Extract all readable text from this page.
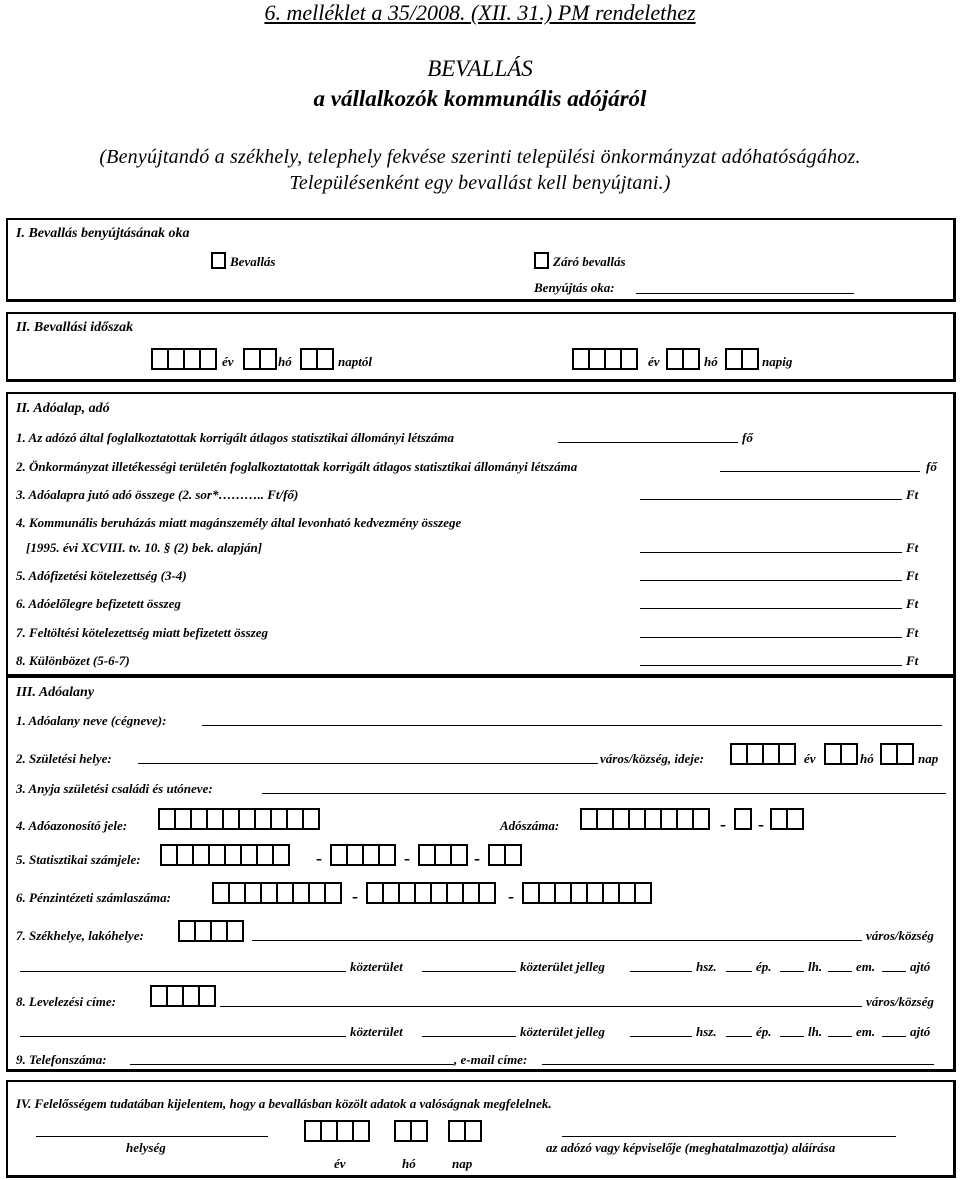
6. melléklet a 35/2008. (XII. 31.) PM rendelethez
BEVALLÁS
a vállalkozók kommunális adójáról
(Benyújtandó a székhely, telephely fekvése szerinti települési önkormányzat adóhatóságához.
Településenként egy bevallást kell benyújtani.)
I. Bevallás benyújtásának oka
Bevallás	Záró bevallás
Benyújtás oka:
II. Bevallási időszak
év	hó	naptól	év	hó	napig
II. Adóalap, adó
1. Az adózó által foglalkoztatottak korrigált átlagos statisztikai állományi létszáma	fő
2. Önkormányzat illetékességi területén foglalkoztatottak korrigált átlagos statisztikai állományi létszáma	fő
3. Adóalapra jutó adó összege (2. sor*……….. Ft/fő)	Ft
4. Kommunális beruházás miatt magánszemély által levonható kedvezmény összege
[1995. évi XCVIII. tv. 10. § (2) bek. alapján]	Ft
5. Adófizetési kötelezettség (3-4)	Ft
6. Adóelőlegre befizetett összeg	Ft
7. Feltöltési kötelezettség miatt befizetett összeg	Ft
8. Különbözet (5-6-7)	Ft
III. Adóalany
1. Adóalany neve (cégneve):
2. Születési helye:	város/község, ideje:	év	hó	nap
3. Anyja születési családi és utóneve:
4. Adóazonosító jele:	Adószáma:	- -
5. Statisztikai számjele:	-	-	-
6. Pénzintézeti számlaszáma:	-	-
7. Székhelye, lakóhelye:	város/község
közterület	közterület jelleg	hsz.	ép.	lh.	em.	ajtó
8. Levelezési címe:	város/község
közterület	közterület jelleg	hsz.	ép.	lh.	em.	ajtó
9. Telefonszáma:	, e-mail címe:
IV. Felelősségem tudatában kijelentem, hogy a bevallásban közölt adatok a valóságnak megfelelnek.
helység
év	hó	nap
az adózó vagy képviselője (meghatalmazottja) aláírása
